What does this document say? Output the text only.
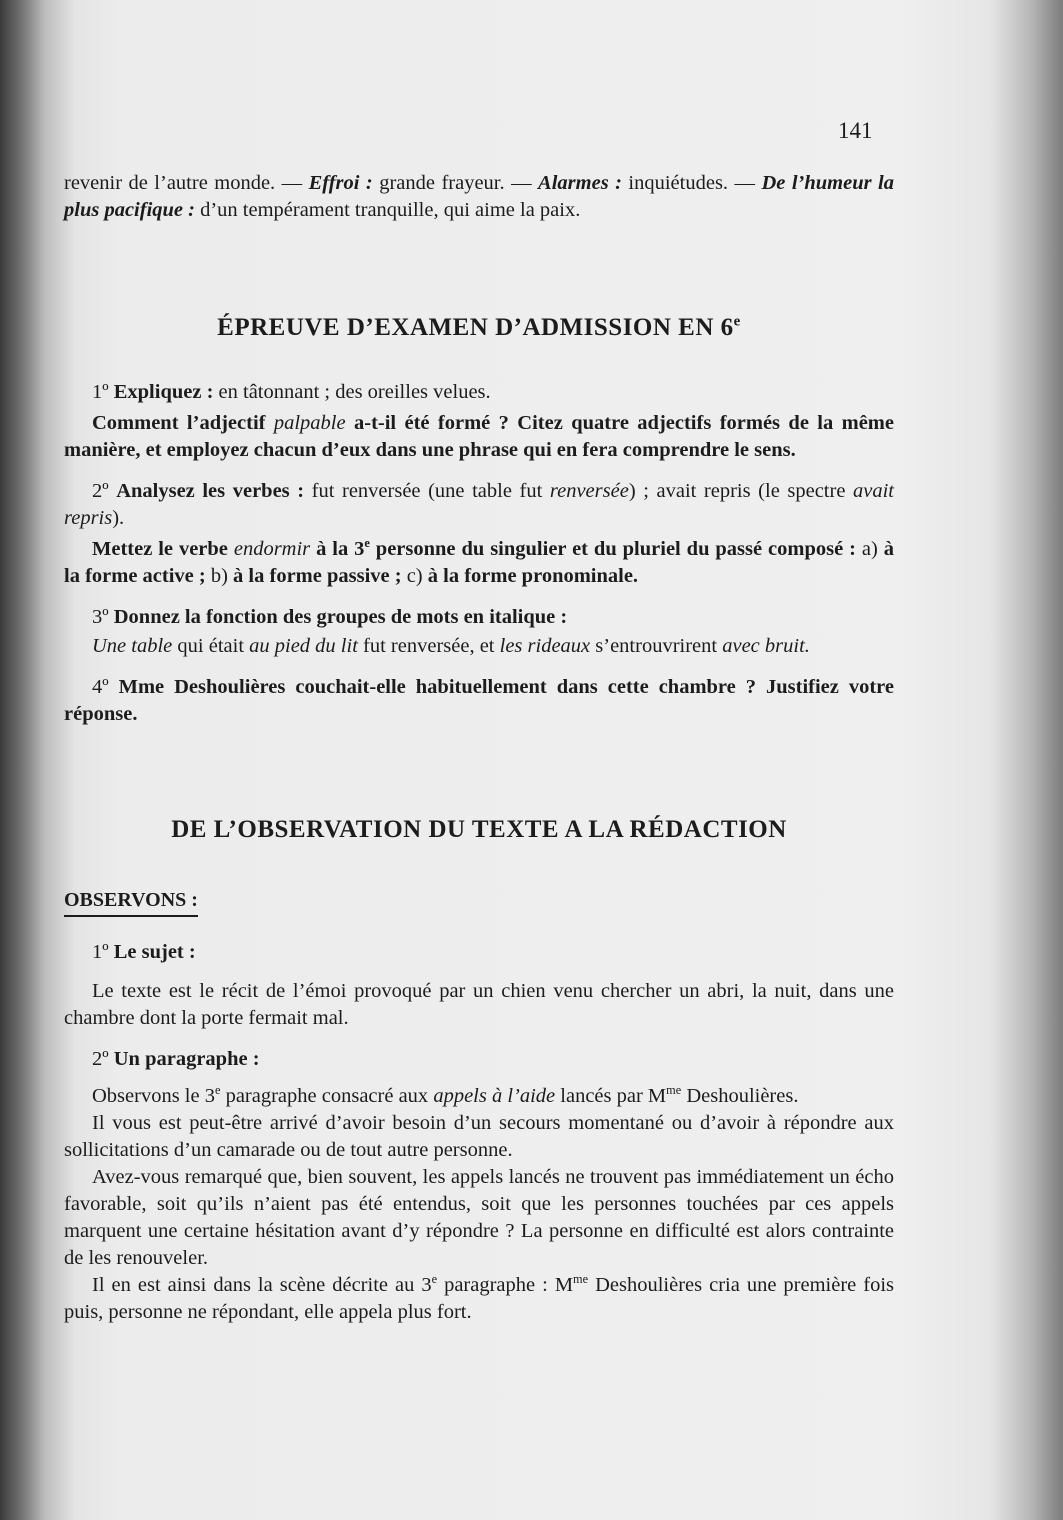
141

revenir de l’autre monde. — Effroi : grande frayeur. — Alarmes : inquiétudes. — De l’humeur la plus pacifique : d’un tempérament tranquille, qui aime la paix.

ÉPREUVE D’EXAMEN D’ADMISSION EN 6e

1º Expliquez : en tâtonnant ; des oreilles velues.

Comment l’adjectif palpable a-t-il été formé ? Citez quatre adjectifs formés de la même manière, et employez chacun d’eux dans une phrase qui en fera comprendre le sens.

2º Analysez les verbes : fut renversée (une table fut renversée) ; avait repris (le spectre avait repris).

Mettez le verbe endormir à la 3e personne du singulier et du pluriel du passé composé : a) à la forme active ; b) à la forme passive ; c) à la forme pronominale.

3º Donnez la fonction des groupes de mots en italique :

Une table qui était au pied du lit fut renversée, et les rideaux s’entrouvrirent avec bruit.

4º Mme Deshoulières couchait-elle habituellement dans cette chambre ? Justifiez votre réponse.

DE L’OBSERVATION DU TEXTE A LA RÉDACTION
OBSERVONS :

1º Le sujet :

Le texte est le récit de l’émoi provoqué par un chien venu chercher un abri, la nuit, dans une chambre dont la porte fermait mal.

2º Un paragraphe :

Observons le 3e paragraphe consacré aux appels à l’aide lancés par $M^{me}$ Deshoulières.

Il vous est peut-être arrivé d’avoir besoin d’un secours momentané ou d’avoir à répondre aux sollicitations d’un camarade ou de tout autre personne.

Avez-vous remarqué que, bien souvent, les appels lancés ne trouvent pas immédiatement un écho favorable, soit qu’ils n’aient pas été entendus, soit que les personnes touchées par ces appels marquent une certaine hésitation avant d’y répondre ? La personne en difficulté est alors contrainte de les renouveler.

Il en est ainsi dans la scène décrite au 3e paragraphe : $M^{me}$ Deshoulières cria une première fois puis, personne ne répondant, elle appela plus fort.
